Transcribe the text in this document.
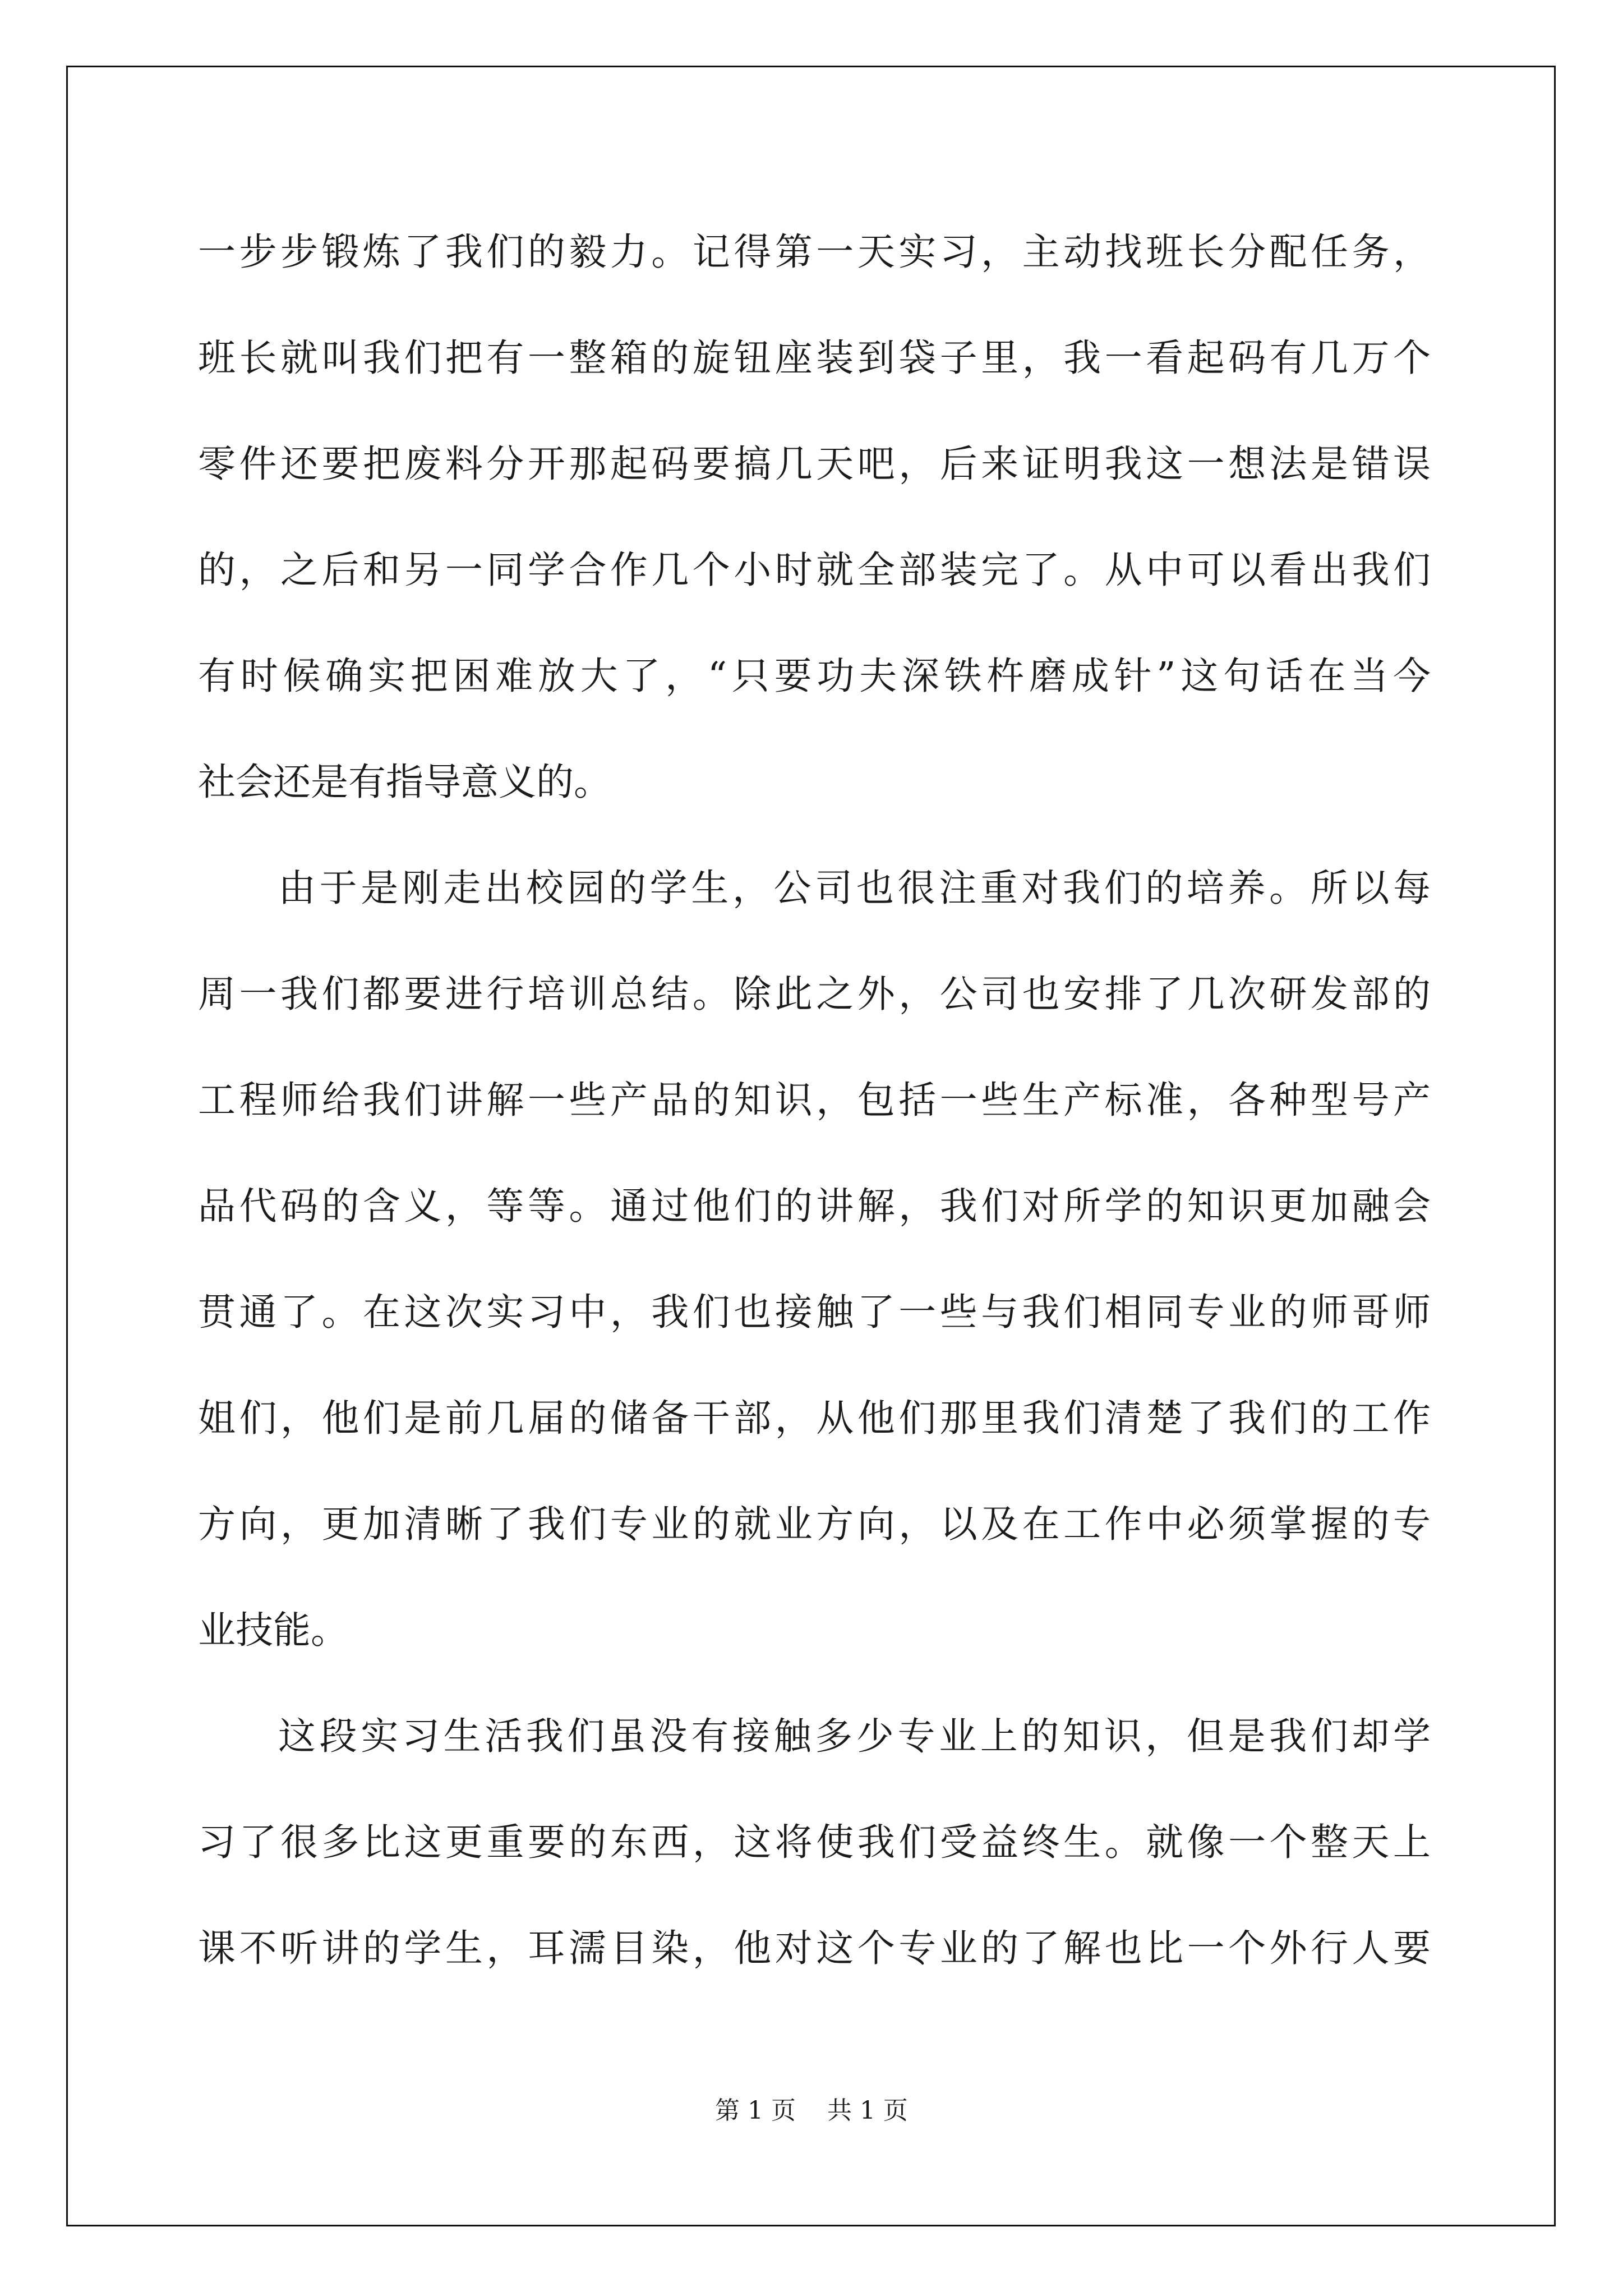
一步步锻炼了我们的毅力。记得第一天实习，主动找班长分配任务，
班长就叫我们把有一整箱的旋钮座装到袋子里，我一看起码有几万个
零件还要把废料分开那起码要搞几天吧，后来证明我这一想法是错误
的，之后和另一同学合作几个小时就全部装完了。从中可以看出我们
有时候确实把困难放大了，“只要功夫深铁杵磨成针”这句话在当今
社会还是有指导意义的。
由于是刚走出校园的学生，公司也很注重对我们的培养。所以每
周一我们都要进行培训总结。除此之外，公司也安排了几次研发部的
工程师给我们讲解一些产品的知识，包括一些生产标准，各种型号产
品代码的含义，等等。通过他们的讲解，我们对所学的知识更加融会
贯通了。在这次实习中，我们也接触了一些与我们相同专业的师哥师
姐们，他们是前几届的储备干部，从他们那里我们清楚了我们的工作
方向，更加清晰了我们专业的就业方向，以及在工作中必须掌握的专
业技能。
这段实习生活我们虽没有接触多少专业上的知识，但是我们却学
习了很多比这更重要的东西，这将使我们受益终生。就像一个整天上
课不听讲的学生，耳濡目染，他对这个专业的了解也比一个外行人要
第 1 页    共 1 页
